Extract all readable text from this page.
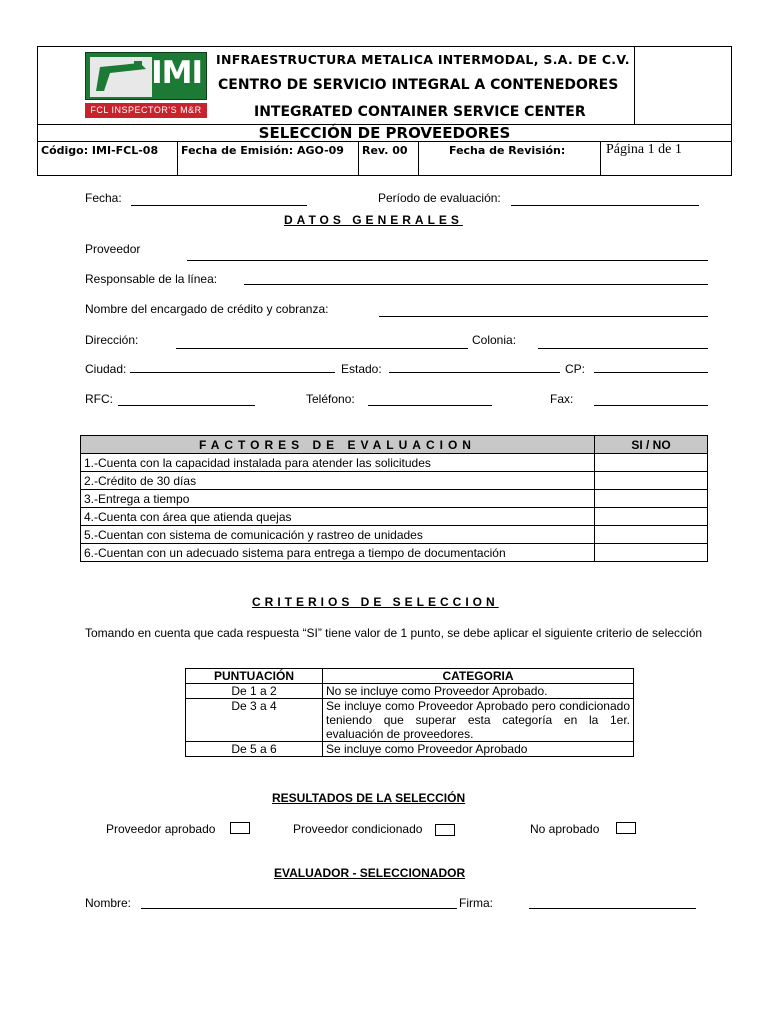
IMI
FCL INSPECTOR'S M&R
INFRAESTRUCTURA METALICA INTERMODAL, S.A. DE C.V.
CENTRO DE SERVICIO INTEGRAL A CONTENEDORES
INTEGRATED CONTAINER SERVICE CENTER
SELECCIÓN DE PROVEEDORES
Código: IMI-FCL-08	Fecha de Emisión: AGO-09	Rev. 00	Fecha de Revisión:	Página 1 de 1
Fecha:	Período de evaluación:
DATOS GENERALES
Proveedor
Responsable de la línea:
Nombre del encargado de crédito y cobranza:
Dirección:	Colonia:
Ciudad:	Estado:	CP:
RFC:	Teléfono:	Fax:
FACTORES DE EVALUACION	SI / NO
1.-Cuenta con la capacidad instalada para atender las solicitudes	
2.-Crédito de 30 días	
3.-Entrega a tiempo	
4.-Cuenta con área que atienda quejas	
5.-Cuentan con sistema de comunicación y rastreo de unidades	
6.-Cuentan con un adecuado sistema para entrega a tiempo de documentación	
CRITERIOS DE SELECCION
Tomando en cuenta que cada respuesta “SI” tiene valor de 1 punto, se debe aplicar el siguiente criterio de selección
PUNTUACIÓN	CATEGORIA
De 1 a 2	No se incluye como Proveedor Aprobado.
De 3 a 4	Se incluye como Proveedor Aprobado pero condicionado teniendo que superar esta categoría en la 1er. evaluación de proveedores.
De 5 a 6	Se incluye como Proveedor Aprobado
RESULTADOS DE LA SELECCIÓN
Proveedor aprobado	Proveedor condicionado	No aprobado
EVALUADOR - SELECCIONADOR
Nombre:	Firma:
